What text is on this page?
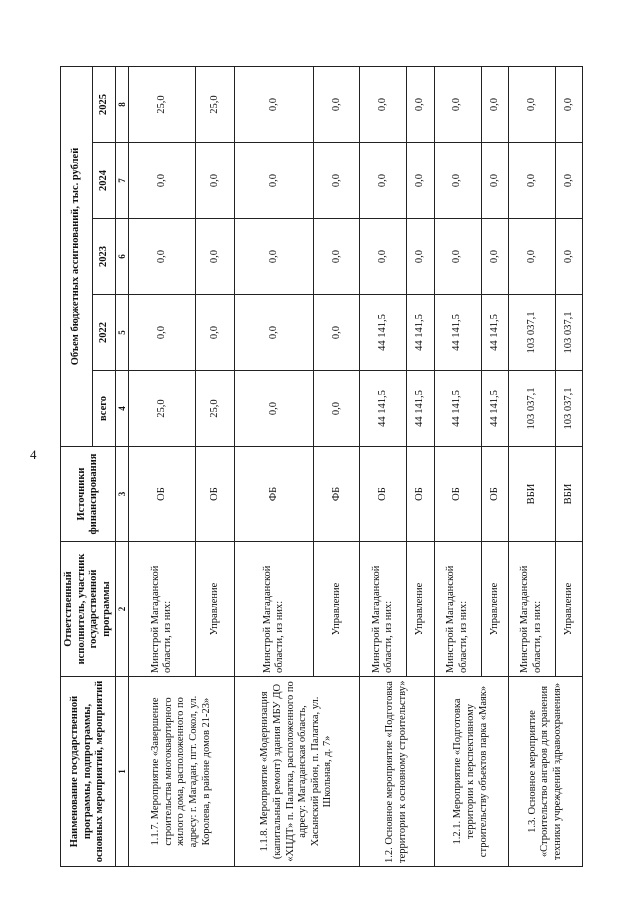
4
Наименование государственной программы, подпрограммы, основных мероприятий, мероприятий	Ответственный исполнитель, участник государственной программы	Источники финансирования	Объем бюджетных ассигнований, тыс. рублей				
			всего	2022	2023	2024	2025
1	2	3	4	5	6	7	8
1.1.7. Мероприятие «Завершение строительства многоквартирного жилого дома, расположенного по адресу: г. Магадан, пгт. Сокол, ул. Королева, в районе домов 21-23»	Минстрой Магаданской области, из них:	ОБ	25,0	0,0	0,0	0,0	25,0
	Управление	ОБ	25,0	0,0	0,0	0,0	25,0
1.1.8. Мероприятие «Модернизация (капитальный ремонт) здания МБУ ДО «ХЦДТ» п. Палатка, расположенного по адресу: Магаданская область, Хасынский район, п. Палатка, ул. Школьная, д. 7»	Минстрой Магаданской области, из них:	ФБ	0,0	0,0	0,0	0,0	0,0
	Управление	ФБ	0,0	0,0	0,0	0,0	0,0
1.2. Основное мероприятие «Подготовка территории к основному строительству»	Минстрой Магаданской области, из них:	ОБ	44 141,5	44 141,5	0,0	0,0	0,0
	Управление	ОБ	44 141,5	44 141,5	0,0	0,0	0,0
1.2.1. Мероприятие «Подготовка территории к перспективному строительству объектов парка «Маяк»	Минстрой Магаданской области, из них:	ОБ	44 141,5	44 141,5	0,0	0,0	0,0
	Управление	ОБ	44 141,5	44 141,5	0,0	0,0	0,0
1.3. Основное мероприятие «Строительство ангаров для хранения техники учреждений здравоохранения»	Минстрой Магаданской области, из них:	ВБИ	103 037,1	103 037,1	0,0	0,0	0,0
	Управление	ВБИ	103 037,1	103 037,1	0,0	0,0	0,0
